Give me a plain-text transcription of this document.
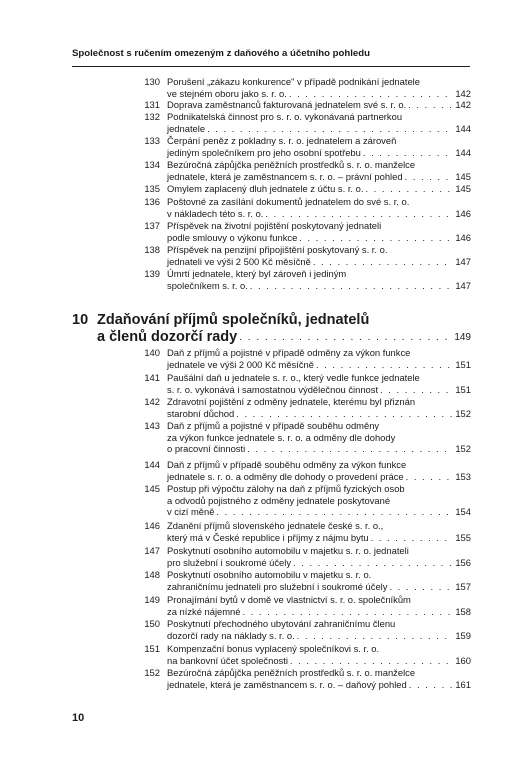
Společnost s ručením omezeným z daňového a účetního pohledu
130 Porušení „zákazu konkurence" v případě podnikání jednatele
ve stejném oboru jako s. r. o. . . .	142
131 Doprava zaměstnanců fakturovaná jednatelem své s. r. o. . . .	142
132 Podnikatelská činnost pro s. r. o. vykonávaná partnerkou
jednatele . . .	144
133 Čerpání peněz z pokladny s. r. o. jednatelem a zároveň
jediným společníkem pro jeho osobní spotřebu . . .	144
134 Bezúročná zápůjčka peněžních prostředků s. r. o. manželce
jednatele, která je zaměstnancem s. r. o. – právní pohled . . .	145
135 Omylem zaplacený dluh jednatele z účtu s. r. o. . . .	145
136 Poštovné za zasílání dokumentů jednatelem do své s. r. o.
v nákladech této s. r. o. . . .	146
137 Příspěvek na životní pojištění poskytovaný jednateli
podle smlouvy o výkonu funkce . . .	146
138 Příspěvek na penzijní připojištění poskytovaný s. r. o.
jednateli ve výši 2 500 Kč měsíčně . . .	147
139 Úmrtí jednatele, který byl zároveň i jediným
společníkem s. r. o. . . .	147
10 Zdaňování příjmů společníků, jednatelů
a členů dozorčí rady . . .	149
140 Daň z příjmů a pojistné v případě odměny za výkon funkce
jednatele ve výši 2 000 Kč měsíčně . . .	151
141 Paušální daň u jednatele s. r. o., který vedle funkce jednatele
s. r. o. vykonává i samostatnou výdělečnou činnost . . .	151
142 Zdravotní pojištění z odměny jednatele, kterému byl přiznán
starobní důchod . . .	152
143 Daň z příjmů a pojistné v případě souběhu odměny
za výkon funkce jednatele s. r. o. a odměny dle dohody
o pracovní činnosti . . .	152
144 Daň z příjmů v případě souběhu odměny za výkon funkce
jednatele s. r. o. a odměny dle dohody o provedení práce . . .	153
145 Postup při výpočtu zálohy na daň z příjmů fyzických osob
a odvodů pojistného z odměny jednatele poskytované
v cizí měně . . .	154
146 Zdanění příjmů slovenského jednatele české s. r. o.,
který má v České republice i příjmy z nájmu bytu . . .	155
147 Poskytnutí osobního automobilu v majetku s. r. o. jednateli
pro služební i soukromé účely . . .	156
148 Poskytnutí osobního automobilu v majetku s. r. o.
zahraničnímu jednateli pro služební i soukromé účely . . .	157
149 Pronajímání bytů v domě ve vlastnictví s. r. o. společníkům
za nízké nájemné . . .	158
150 Poskytnutí přechodného ubytování zahraničnímu členu
dozorčí rady na náklady s. r. o. . . .	159
151 Kompenzační bonus vyplacený společníkovi s. r. o.
na bankovní účet společnosti . . .	160
152 Bezúročná zápůjčka peněžních prostředků s. r. o. manželce
jednatele, která je zaměstnancem s. r. o. – daňový pohled . . .	161
10
